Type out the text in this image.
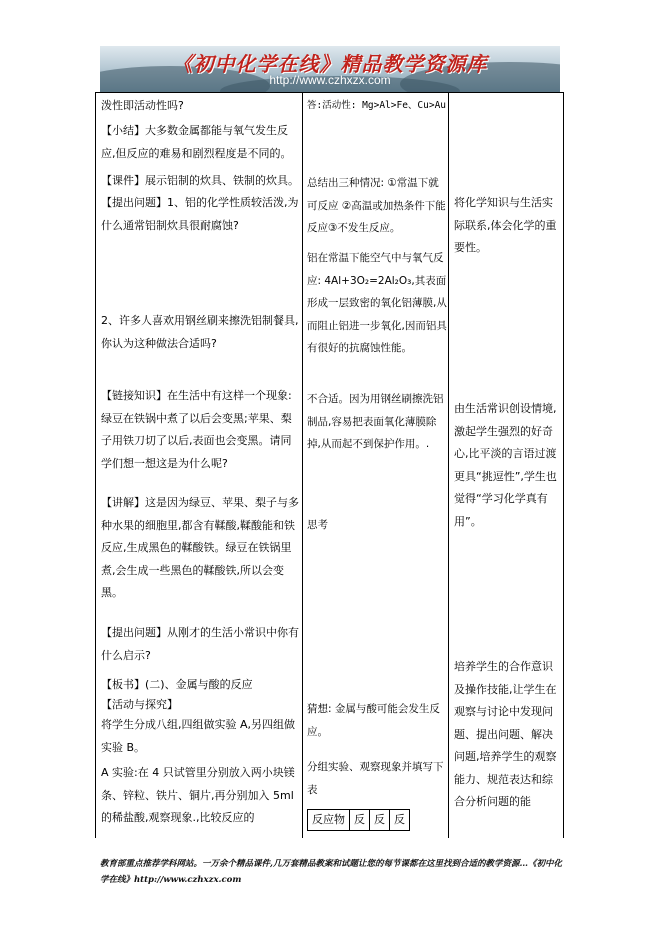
《初中化学在线》精品教学资源库
http://www.czhxzx.com
泼性即活动性吗?
【小结】大多数金属都能与氧气发生反应,但反应的难易和剧烈程度是不同的。
【课件】展示铝制的炊具、铁制的炊具。
【提出问题】1、铝的化学性质较活泼,为什么通常铝制炊具很耐腐蚀?
2、许多人喜欢用钢丝刷来擦洗铝制餐具,你认为这种做法合适吗?
【链接知识】在生活中有这样一个现象:绿豆在铁锅中煮了以后会变黑;苹果、梨子用铁刀切了以后,表面也会变黑。请同学们想一想这是为什么呢?
【讲解】这是因为绿豆、苹果、梨子与多种水果的细胞里,都含有鞣酸,鞣酸能和铁反应,生成黑色的鞣酸铁。绿豆在铁锅里煮,会生成一些黑色的鞣酸铁,所以会变黑。
【提出问题】从刚才的生活小常识中你有什么启示?
【板书】(二)、金属与酸的反应
【活动与探究】
将学生分成八组,四组做实验 A,另四组做实验 B。
A 实验:在 4 只试管里分别放入两小块镁条、锌粒、铁片、铜片,再分别加入 5ml 的稀盐酸,观察现象.,比较反应的
答:活动性: Mg>Al>Fe、Cu>Au
总结出三种情况: ①常温下就可反应 ②高温或加热条件下能反应③不发生反应。
铝在常温下能空气中与氧气反应: 4Al+3O₂=2Al₂O₃,其表面形成一层致密的氧化铝薄膜,从而阻止铝进一步氧化,因而铝具有很好的抗腐蚀性能。
不合适。因为用钢丝刷擦洗铝制品,容易把表面氧化薄膜除掉,从而起不到保护作用。.
思考
猜想: 金属与酸可能会发生反应。
分组实验、观察现象并填写下表
反应物	反	反	反
将化学知识与生活实际联系,体会化学的重要性。
由生活常识创设情境,激起学生强烈的好奇心,比平淡的言语过渡更具“挑逗性”,学生也觉得“学习化学真有用”。
培养学生的合作意识及操作技能,让学生在观察与讨论中发现问题、提出问题、解决问题,培养学生的观察能力、规范表达和综合分析问题的能
教育部重点推荐学科网站。一万余个精品课件,几万套精品教案和试题让您的每节课都在这里找到合适的教学资源…《初中化学在线》http://www.czhxzx.com
